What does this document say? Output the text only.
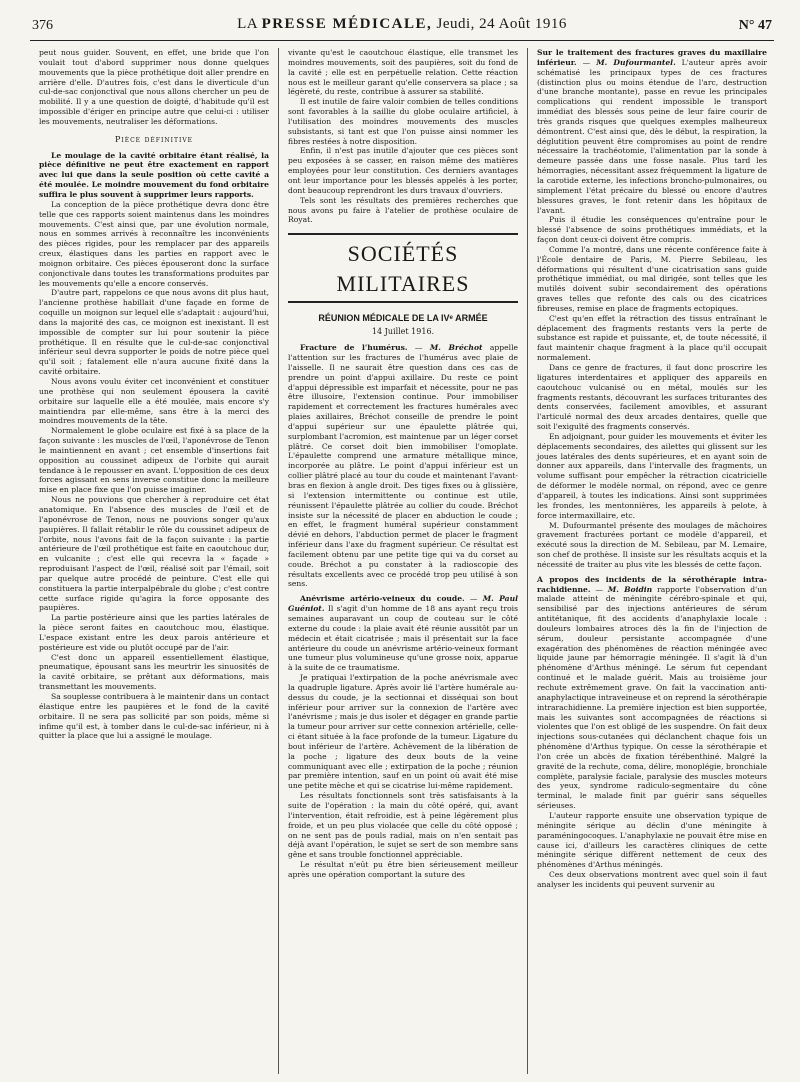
376	LA PRESSE MÉDICALE, Jeudi, 24 Août 1916	N° 47

peut nous guider. Souvent, en effet, une bride que l'on voulait tout d'abord supprimer nous donne quelques mouvements que la pièce prothétique doit aller prendre en arrière d'elle. D'autres fois, c'est dans le diverticule d'un cul-de-sac conjonctival que nous allons chercher un peu de mobilité. Il y a une question de doigté, d'habitude qu'il est impossible d'ériger en principe autre que celui-ci : utiliser les mouvements, neutraliser les déformations.

Pièce définitive

Le moulage de la cavité orbitaire étant réalisé, la pièce définitive ne peut être exactement en rapport avec lui que dans la seule position où cette cavité a été moulée. Le moindre mouvement du fond orbitaire suffira le plus souvent à supprimer leurs rapports.

La conception de la pièce prothétique devra donc être telle que ces rapports soient maintenus dans les moindres mouvements. C'est ainsi que, par une évolution normale, nous en sommes arrivés à reconnaître les inconvénients des pièces rigides, pour les remplacer par des appareils creux, élastiques dans les parties en rapport avec le moignon orbitaire. Ces pièces épouseront donc la surface conjonctivale dans toutes les transformations produites par les mouvements qu'elle a encore conservés.

D'autre part, rappelons ce que nous avons dit plus haut, l'ancienne prothèse habillait d'une façade en forme de coquille un moignon sur lequel elle s'adaptait : aujourd'hui, dans la majorité des cas, ce moignon est inexistant. Il est impossible de compter sur lui pour soutenir la pièce prothétique. Il en résulte que le cul-de-sac conjonctival inférieur seul devra supporter le poids de notre pièce quel qu'il soit ; fatalement elle n'aura aucune fixité dans la cavité orbitaire.

Nous avons voulu éviter cet inconvénient et constituer une prothèse qui non seulement épousera la cavité orbitaire sur laquelle elle a été moulée, mais encore s'y maintiendra par elle-même, sans être à la merci des moindres mouvements de la tête.

Normalement le globe oculaire est fixé à sa place de la façon suivante : les muscles de l'œil, l'aponévrose de Tenon le maintiennent en avant ; cet ensemble d'insertions fait opposition au coussinet adipeux de l'orbite qui aurait tendance à le repousser en avant. L'opposition de ces deux forces agissant en sens inverse constitue donc la meilleure mise en place fixe que l'on puisse imaginer.

Nous ne pouvions que chercher à reproduire cet état anatomique. En l'absence des muscles de l'œil et de l'aponévrose de Tenon, nous ne pouvions songer qu'aux paupières. Il fallait rétablir le rôle du coussinet adipeux de l'orbite, nous l'avons fait de la façon suivante : la partie antérieure de l'œil prothétique est faite en caoutchouc dur, en vulcanite ; c'est elle qui recevra la « façade » reproduisant l'aspect de l'œil, réalisé soit par l'émail, soit par quelque autre procédé de peinture. C'est elle qui constituera la partie interpalpébrale du globe ; c'est contre cette surface rigide qu'agira la force opposante des paupières.

La partie postérieure ainsi que les parties latérales de la pièce seront faites en caoutchouc mou, élastique. L'espace existant entre les deux parois antérieure et postérieure est vide ou plutôt occupé par de l'air.

C'est donc un appareil essentiellement élastique, pneumatique, épousant sans les meurtrir les sinuosités de la cavité orbitaire, se prêtant aux déformations, mais transmettant les mouvements.

Sa souplesse contribuera à le maintenir dans un contact élastique entre les paupières et le fond de la cavité orbitaire. Il ne sera pas sollicité par son poids, même si infime qu'il est, à tomber dans le cul-de-sac inférieur, ni à quitter la place que lui a assigné le moulage.

vivante qu'est le caoutchouc élastique, elle transmet les moindres mouvements, soit des paupières, soit du fond de la cavité ; elle est en perpétuelle relation. Cette réaction nous est le meilleur garant qu'elle conservera sa place ; sa légèreté, du reste, contribue à assurer sa stabilité.

Il est inutile de faire valoir combien de telles conditions sont favorables à la saillie du globe oculaire artificiel, à l'utilisation des moindres mouvements des muscles subsistants, si tant est que l'on puisse ainsi nommer les fibres restées à notre disposition.

Enfin, il n'est pas inutile d'ajouter que ces pièces sont peu exposées à se casser, en raison même des matières employées pour leur constitution. Ces derniers avantages ont leur importance pour les blessés appelés à les porter, dont beaucoup reprendront les durs travaux d'ouvriers.

Tels sont les résultats des premières recherches que nous avons pu faire à l'atelier de prothèse oculaire de Royat.

SOCIÉTÉS MILITAIRES
RÉUNION MÉDICALE DE LA IVᵉ ARMÉE
14 Juillet 1916.

Fracture de l'humérus. — M. Bréchot appelle l'attention sur les fractures de l'humérus avec plaie de l'aisselle. Il ne saurait être question dans ces cas de prendre un point d'appui axillaire. Du reste ce point d'appui dépressible est imparfait et nécessite, pour ne pas être illusoire, l'extension continue. Pour immobiliser rapidement et correctement les fractures humérales avec plaies axillaires, Bréchot conseille de prendre le point d'appui supérieur sur une épaulette plâtrée qui, surplombant l'acromion, est maintenue par un léger corset plâtré. Ce corset doit bien immobiliser l'omoplate. L'épaulette comprend une armature métallique mince, incorporée au plâtre. Le point d'appui inférieur est un collier plâtré placé au tour du coude et maintenant l'avant-bras en flexion à angle droit. Des tiges fixes ou à glissière, si l'extension intermittente ou continue est utile, réunissent l'épaulette plâtrée au collier du coude. Bréchot insiste sur la nécessité de placer en abduction le coude ; en effet, le fragment huméral supérieur constamment dévié en dehors, l'abduction permet de placer le fragment inférieur dans l'axe du fragment supérieur. Ce résultat est facilement obtenu par une petite tige qui va du corset au coude. Bréchot a pu constater à la radioscopie des résultats excellents avec ce procédé trop peu utilisé à son sens.

Anévrisme artério-veineux du coude. — M. Paul Guéniot. Il s'agit d'un homme de 18 ans ayant reçu trois semaines auparavant un coup de couteau sur le côté externe du coude : la plaie avait été réunie aussitôt par un médecin et était cicatrisée ; mais il présentait sur la face antérieure du coude un anévrisme artério-veineux formant une tumeur plus volumineuse qu'une grosse noix, apparue à la suite de ce traumatisme.

Je pratiquai l'extirpation de la poche anévrismale avec la quadruple ligature. Après avoir lié l'artère humérale au-dessus du coude, je la sectionnai et disséquai son bout inférieur pour arriver sur la connexion de l'artère avec l'anévrisme ; mais je dus isoler et dégager en grande partie la tumeur pour arriver sur cette connexion artérielle, celle-ci étant située à la face profonde de la tumeur. Ligature du bout inférieur de l'artère. Achèvement de la libération de la poche ; ligature des deux bouts de la veine communiquant avec elle ; extirpation de la poche ; réunion par première intention, sauf en un point où avait été mise une petite mèche et qui se cicatrise lui-même rapidement.

Les résultats fonctionnels sont très satisfaisants à la suite de l'opération : la main du côté opéré, qui, avant l'intervention, était refroidie, est à peine légèrement plus froide, et un peu plus violacée que celle du côté opposé ; on ne sent pas de pouls radial, mais on n'en sentait pas déjà avant l'opération, le sujet se sert de son membre sans gêne et sans trouble fonctionnel appréciable.

Le résultat n'eût pu être bien sérieusement meilleur après une opération comportant la suture des

Sur le traitement des fractures graves du maxillaire inférieur. — M. Dufourmantel. L'auteur après avoir schématisé les principaux types de ces fractures (distinction plus ou moins étendue de l'arc, destruction d'une branche montante), passe en revue les principales complications qui rendent impossible le transport immédiat des blessés sous peine de leur faire courir de très grands risques que quelques exemples malheureux démontrent. C'est ainsi que, dès le début, la respiration, la déglutition peuvent être compromises au point de rendre nécessaire la trachéotomie, l'alimentation par la sonde à demeure passée dans une fosse nasale. Plus tard les hémorragies, nécessitant assez fréquemment la ligature de la carotide externe, les infections broncho-pulmonaires, ou simplement l'état précaire du blessé ou encore d'autres blessures graves, le font retenir dans les hôpitaux de l'avant.

Puis il étudie les conséquences qu'entraîne pour le blessé l'absence de soins prothétiques immédiats, et la façon dont ceux-ci doivent être compris.

Comme l'a montré, dans une récente conférence faite à l'École dentaire de Paris, M. Pierre Sebileau, les déformations qui résultent d'une cicatrisation sans guide prothétique immédiat, ou mal dirigée, sont telles que les mutilés doivent subir secondairement des opérations graves telles que refonte des cals ou des cicatrices fibreuses, remise en place de fragments ectopiques.

C'est qu'en effet la rétraction des tissus entraînant le déplacement des fragments restants vers la perte de substance est rapide et puissante, et, de toute nécessité, il faut maintenir chaque fragment à la place qu'il occupait normalement.

Dans ce genre de fractures, il faut donc proscrire les ligatures interdentaires et appliquer des appareils en caoutchouc vulcanisé ou en métal, moulés sur les fragments restants, découvrant les surfaces triturantes des dents conservées, facilement amovibles, et assurant l'articulé normal des deux arcades dentaires, quelle que soit l'exiguïté des fragments conservés.

En adjoignant, pour guider les mouvements et éviter les déplacements secondaires, des ailettes qui glissent sur les joues latérales des dents supérieures, et en ayant soin de donner aux appareils, dans l'intervalle des fragments, un volume suffisant pour empêcher la rétraction cicatricielle de déformer le modèle normal, on répond, avec ce genre d'appareil, à toutes les indications. Ainsi sont supprimées les frondes, les mentonnières, les appareils à pelote, à force intermaxillaire, etc.

M. Dufourmantel présente des moulages de mâchoires gravement fracturées portant ce modèle d'appareil, et exécuté sous la direction de M. Sebileau, par M. Lemaire, son chef de prothèse. Il insiste sur les résultats acquis et la nécessité de traiter au plus vite les blessés de cette façon.

A propos des incidents de la sérothérapie intra-rachidienne. — M. Boidin rapporte l'observation d'un malade atteint de méningite cérébro-spinale et qui, sensibilisé par des injections antérieures de sérum antitétanique, fit des accidents d'anaphylaxie locale : douleurs lombaires atroces dès la fin de l'injection de sérum, douleur persistante accompagnée d'une exagération des phénomènes de réaction méningée avec liquide jaune par hémorragie méningée. Il s'agit là d'un phénomène d'Arthus méningé. Le sérum fut cependant continué et le malade guérit. Mais au troisième jour rechute extrêmement grave. On fait la vaccination anti-anaphylactique intraveineuse et on reprend la sérothérapie intrarachidienne. La première injection est bien supportée, mais les suivantes sont accompagnées de réactions si violentes que l'on est obligé de les suspendre. On fait deux injections sous-cutanées qui déclanchent chaque fois un phénomène d'Arthus typique. On cesse la sérothérapie et l'on crée un abcès de fixation térébenthiné. Malgré la gravité de la rechute, coma, délire, monoplégie, bronchiale complète, paralysie faciale, paralysie des muscles moteurs des yeux, syndrome radiculo-segmentaire du cône terminal, le malade finit par guérir sans séquelles sérieuses.

L'auteur rapporte ensuite une observation typique de méningite sérique au déclin d'une méningite à paraméningocoques. L'anaphylaxie ne pouvait être mise en cause ici, d'ailleurs les caractères cliniques de cette méningite sérique diffèrent nettement de ceux des phénomènes d'Arthus méningés.

Ces deux observations montrent avec quel soin il faut analyser les incidents qui peuvent survenir au
